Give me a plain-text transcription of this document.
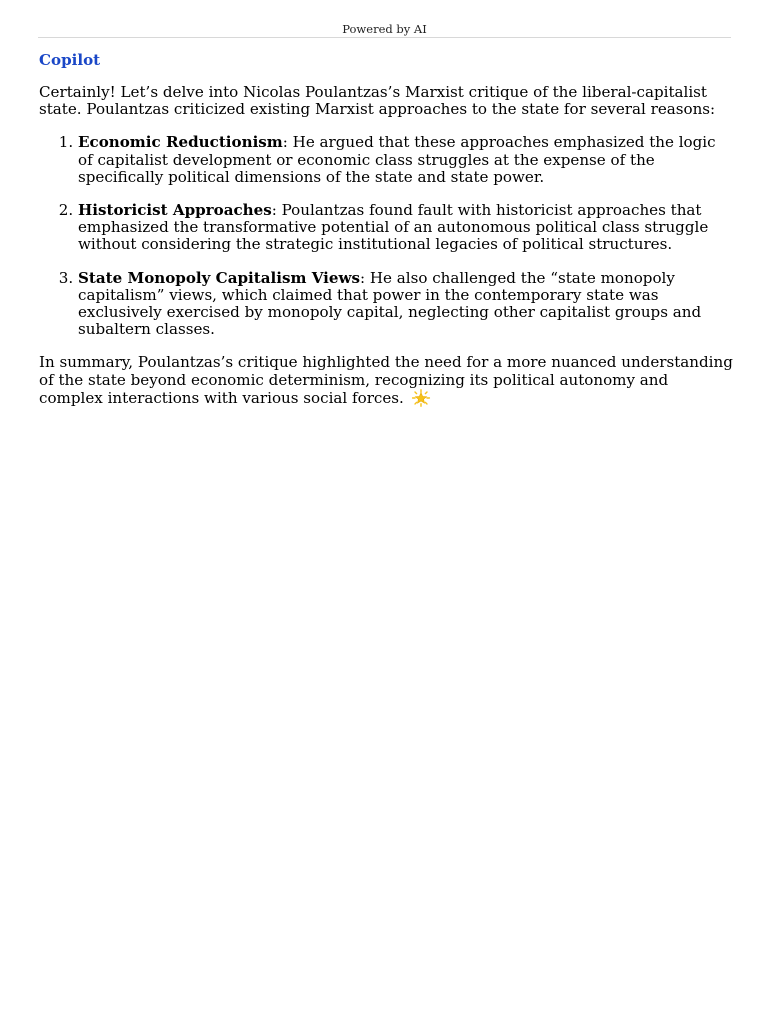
Powered by AI
Copilot

Certainly! Let’s delve into Nicolas Poulantzas’s Marxist critique of the liberal-capitalist state. Poulantzas criticized existing Marxist approaches to the state for several reasons:

1. Economic Reductionism: He argued that these approaches emphasized the logic of capitalist development or economic class struggles at the expense of the specifically political dimensions of the state and state power.
2. Historicist Approaches: Poulantzas found fault with historicist approaches that emphasized the transformative potential of an autonomous political class struggle without considering the strategic institutional legacies of political structures.
3. State Monopoly Capitalism Views: He also challenged the “state monopoly capitalism” views, which claimed that power in the contemporary state was exclusively exercised by monopoly capital, neglecting other capitalist groups and subaltern classes.

In summary, Poulantzas’s critique highlighted the need for a more nuanced understanding of the state beyond economic determinism, recognizing its political autonomy and complex interactions with various social forces.
